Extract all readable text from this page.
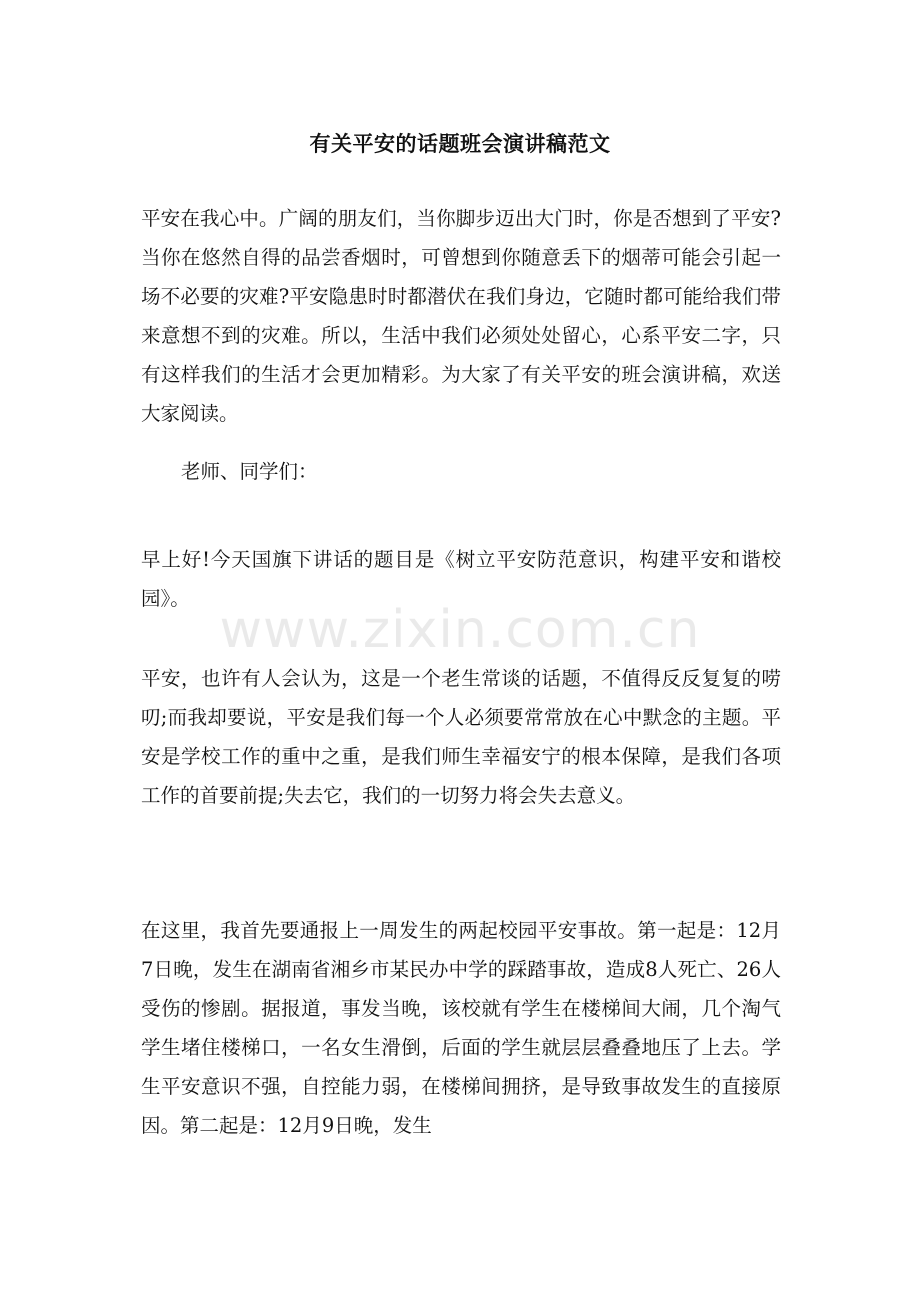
有关平安的话题班会演讲稿范文

平安在我心中。广阔的朋友们，当你脚步迈出大门时，你是否想到了平安?当你在悠然自得的品尝香烟时，可曾想到你随意丢下的烟蒂可能会引起一场不必要的灾难?平安隐患时时都潜伏在我们身边，它随时都可能给我们带来意想不到的灾难。所以，生活中我们必须处处留心，心系平安二字，只有这样我们的生活才会更加精彩。为大家了有关平安的班会演讲稿，欢送大家阅读。

老师、同学们：

早上好!今天国旗下讲话的题目是《树立平安防范意识，构建平安和谐校园》。

平安，也许有人会认为，这是一个老生常谈的话题，不值得反反复复的唠叨;而我却要说，平安是我们每一个人必须要常常放在心中默念的主题。平安是学校工作的重中之重，是我们师生幸福安宁的根本保障，是我们各项工作的首要前提;失去它，我们的一切努力将会失去意义。

在这里，我首先要通报上一周发生的两起校园平安事故。第一起是：12月7日晚，发生在湖南省湘乡市某民办中学的踩踏事故，造成8人死亡、26人受伤的惨剧。据报道，事发当晚，该校就有学生在楼梯间大闹，几个淘气学生堵住楼梯口，一名女生滑倒，后面的学生就层层叠叠地压了上去。学生平安意识不强，自控能力弱，在楼梯间拥挤，是导致事故发生的直接原因。第二起是：12月9日晚，发生

www.zixin.com.cn
